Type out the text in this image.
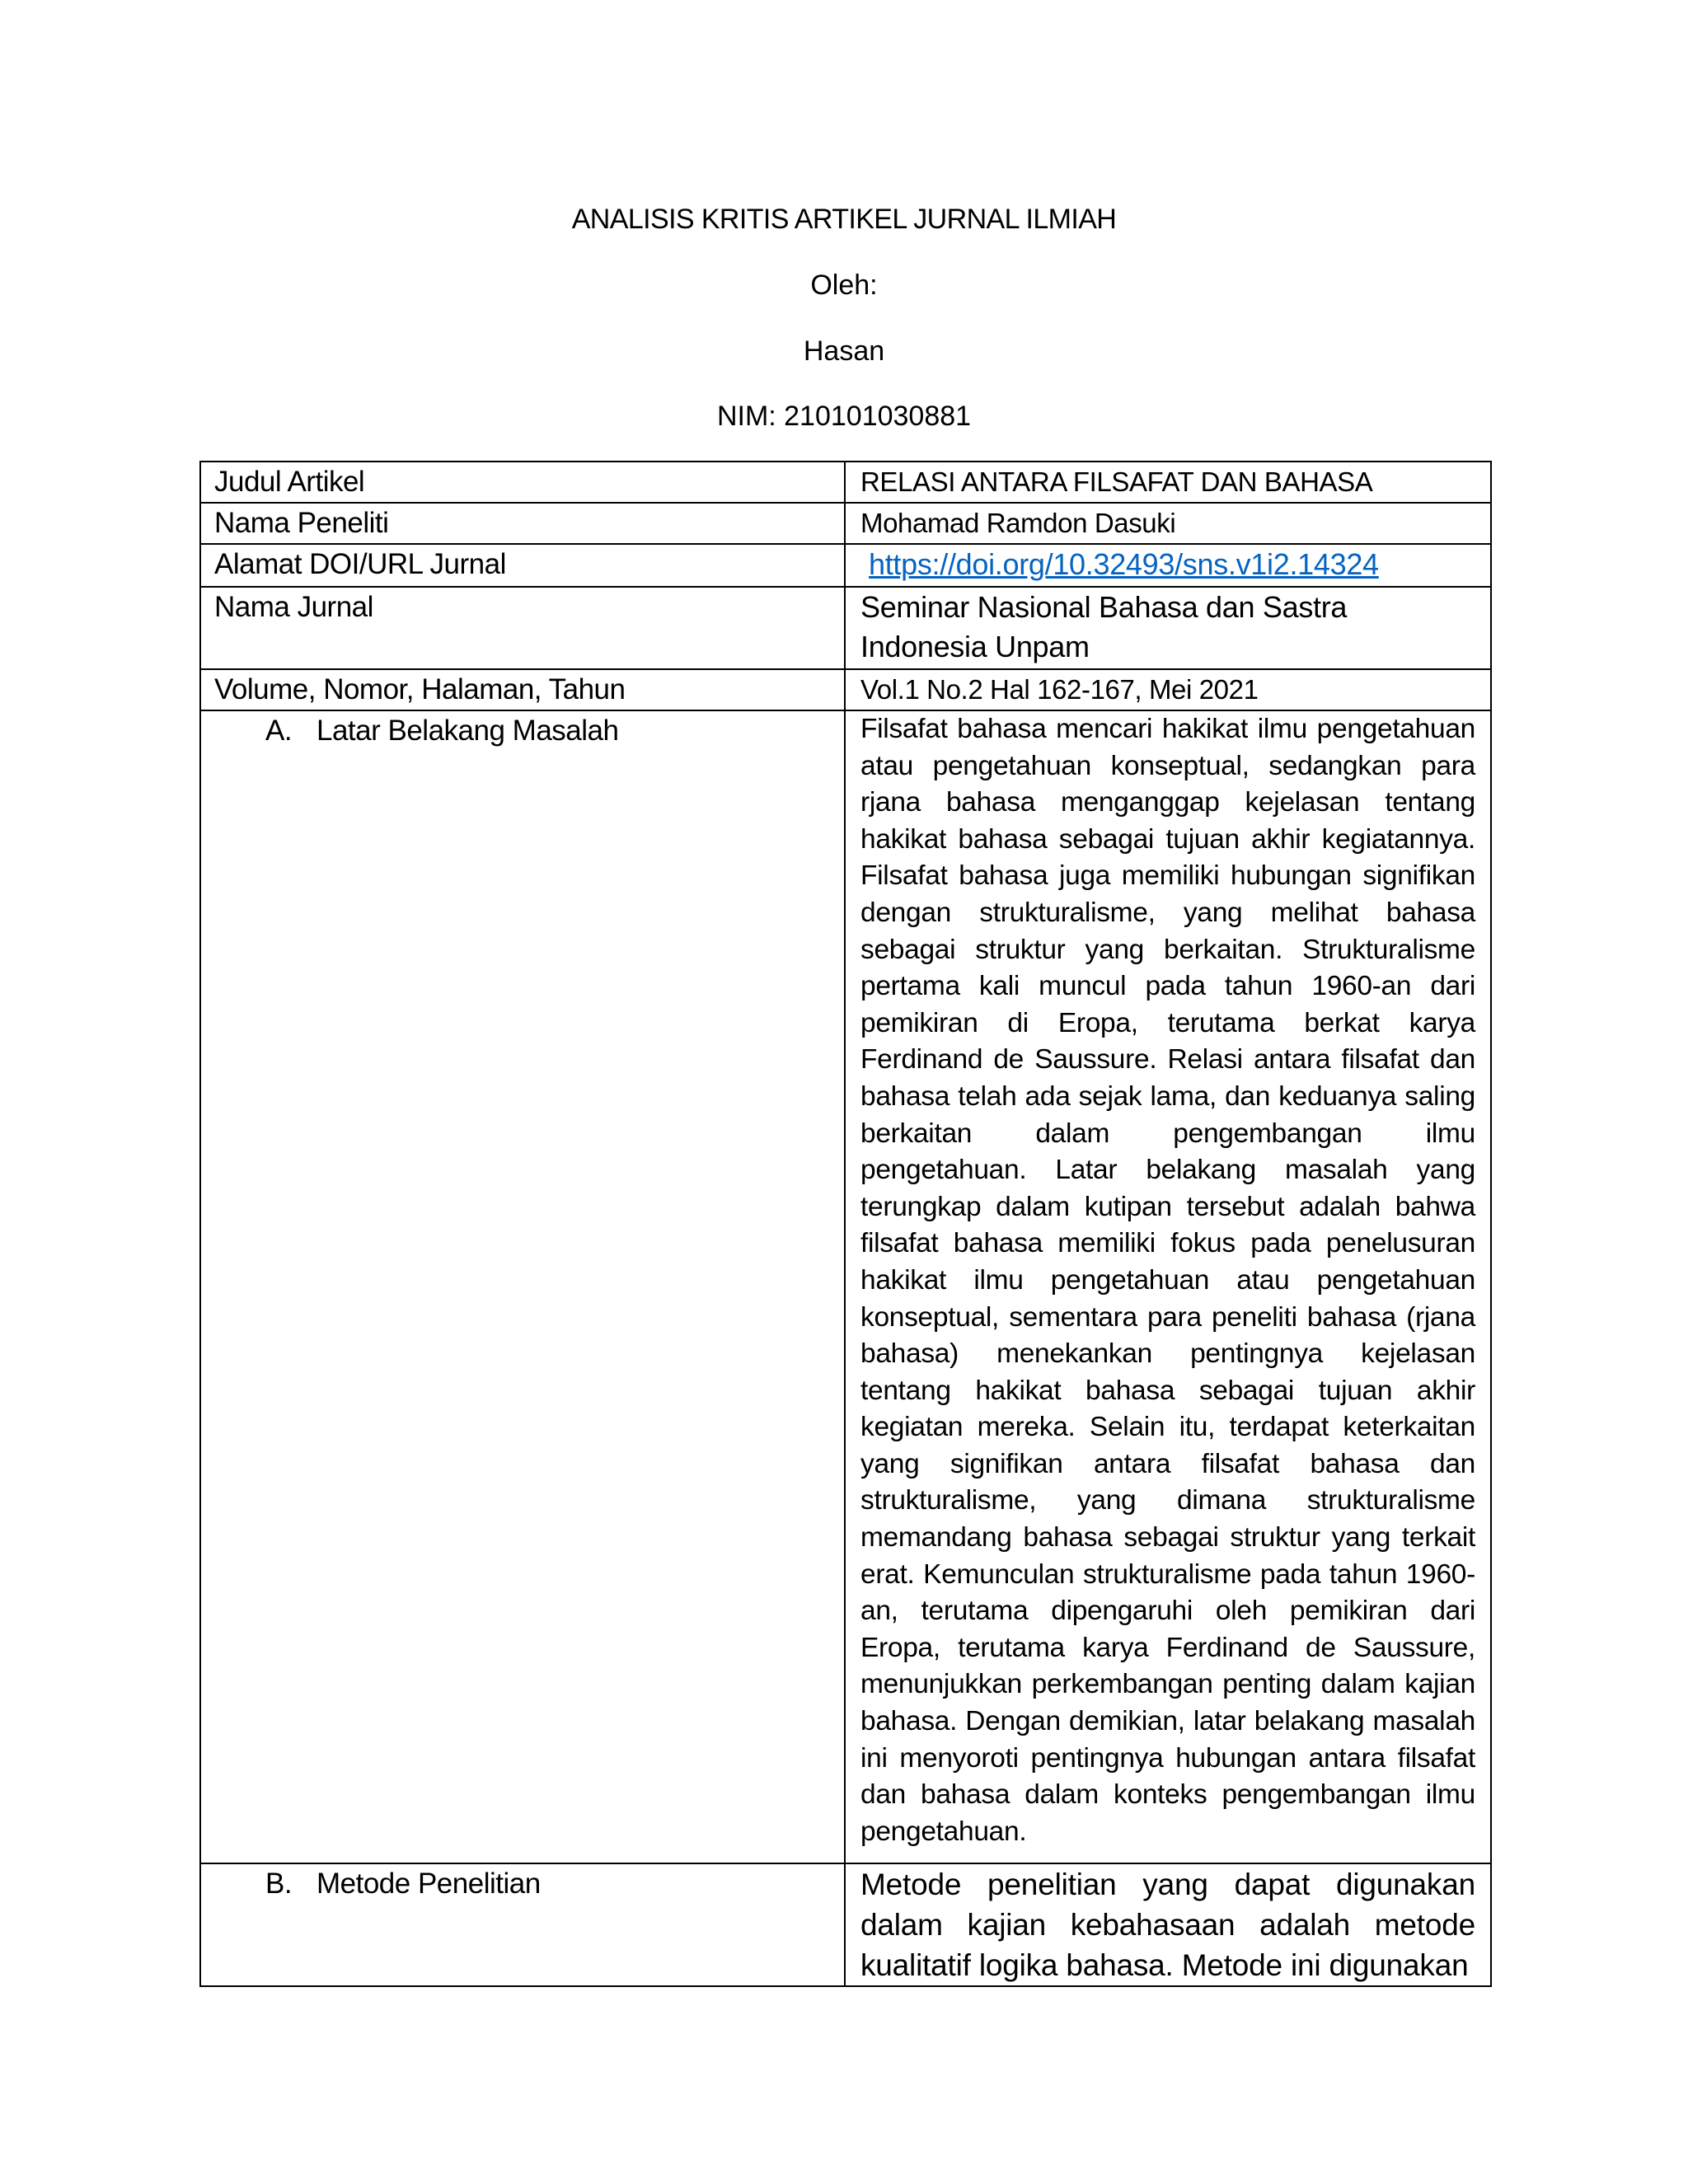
ANALISIS KRITIS ARTIKEL JURNAL ILMIAH
Oleh:
Hasan
NIM: 210101030881
Judul Artikel	RELASI ANTARA FILSAFAT DAN BAHASA
Nama Peneliti	Mohamad Ramdon Dasuki
Alamat DOI/URL Jurnal	https://doi.org/10.32493/sns.v1i2.14324
Nama Jurnal	Seminar Nasional Bahasa dan Sastra Indonesia Unpam
Volume, Nomor, Halaman, Tahun	Vol.1 No.2 Hal 162-167, Mei 2021
A. Latar Belakang Masalah	Filsafat bahasa mencari hakikat ilmu pengetahuan atau pengetahuan konseptual, sedangkan para rjana bahasa menganggap kejelasan tentang hakikat bahasa sebagai tujuan akhir kegiatannya. Filsafat bahasa juga memiliki hubungan signifikan dengan strukturalisme, yang melihat bahasa sebagai struktur yang berkaitan. Strukturalisme pertama kali muncul pada tahun 1960-an dari pemikiran di Eropa, terutama berkat karya Ferdinand de Saussure. Relasi antara filsafat dan bahasa telah ada sejak lama, dan keduanya saling berkaitan dalam pengembangan ilmu pengetahuan. Latar belakang masalah yang terungkap dalam kutipan tersebut adalah bahwa filsafat bahasa memiliki fokus pada penelusuran hakikat ilmu pengetahuan atau pengetahuan konseptual, sementara para peneliti bahasa (rjana bahasa) menekankan pentingnya kejelasan tentang hakikat bahasa sebagai tujuan akhir kegiatan mereka. Selain itu, terdapat keterkaitan yang signifikan antara filsafat bahasa dan strukturalisme, yang dimana strukturalisme memandang bahasa sebagai struktur yang terkait erat. Kemunculan strukturalisme pada tahun 1960-an, terutama dipengaruhi oleh pemikiran dari Eropa, terutama karya Ferdinand de Saussure, menunjukkan perkembangan penting dalam kajian bahasa. Dengan demikian, latar belakang masalah ini menyoroti pentingnya hubungan antara filsafat dan bahasa dalam konteks pengembangan ilmu pengetahuan.
B. Metode Penelitian	Metode penelitian yang dapat digunakan dalam kajian kebahasaan adalah metode kualitatif logika bahasa. Metode ini digunakan
